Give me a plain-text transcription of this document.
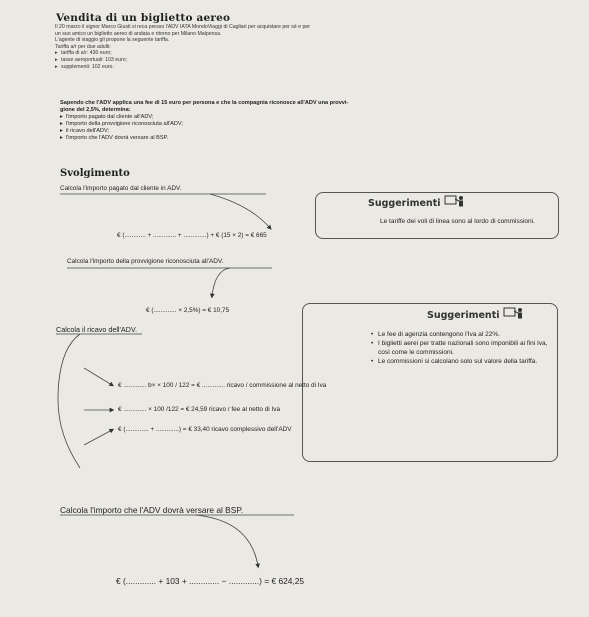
Vendita di un biglietto aereo

Il 20 marzo il signor Marco Giusti si reca presso l'ADV IATA MondoViaggi di Cagliari per acquistare per sé e per

un suo amico un biglietto aereo di andata e ritorno per Milano Malpensa.

L'agente di viaggio gli propone la seguente tariffa.

Tariffa a/r per due adulti:

▸ tariffa di a/r: 430 euro;
▸ tasse aeroportuali: 103 euro;
▸ supplementi: 102 euro.

Sapendo che l'ADV applica una fee di 15 euro per persona e che la compagnia riconosce all'ADV una provvi-

gione del 2,5%, determina:

▸ l'importo pagato dal cliente all'ADV;
▸ l'importo della provvigione riconosciuta all'ADV;
▸ il ricavo dell'ADV;
▸ l'importo che l'ADV dovrà versare al BSP.
Svolgimento
Calcola l'importo pagato dal cliente in ADV.
€ (............ + ............. + .............) + € (15 × 2) = € 665
Suggerimenti
Le tariffe dei voli di linea sono al lordo di commissioni.
Calcola l'importo della provvigione riconosciuta all'ADV.
€ (............. × 2,5%) = € 10,75	Suggerimenti
• Le fee di agenzia contengono l'Iva al 22%.
• I biglietti aerei per tratte nazionali sono imponibili ai fini Iva, così come le commissioni.
• Le commissioni si calcolano solo sul valore della tariffa.
Calcola il ricavo dell'ADV.
€ ............. b× × 100 / 122 = € ............. ricavo / commissione al netto di Iva
€ ............. × 100 /122 = € 24,59 ricavo / fee al netto di Iva
€ (............. + .............) = € 33,40 ricavo complessivo dell'ADV
Calcola l'importo che l'ADV dovrà versare al BSP.
€ (............. + 103 + ............. − .............) = € 624,25
